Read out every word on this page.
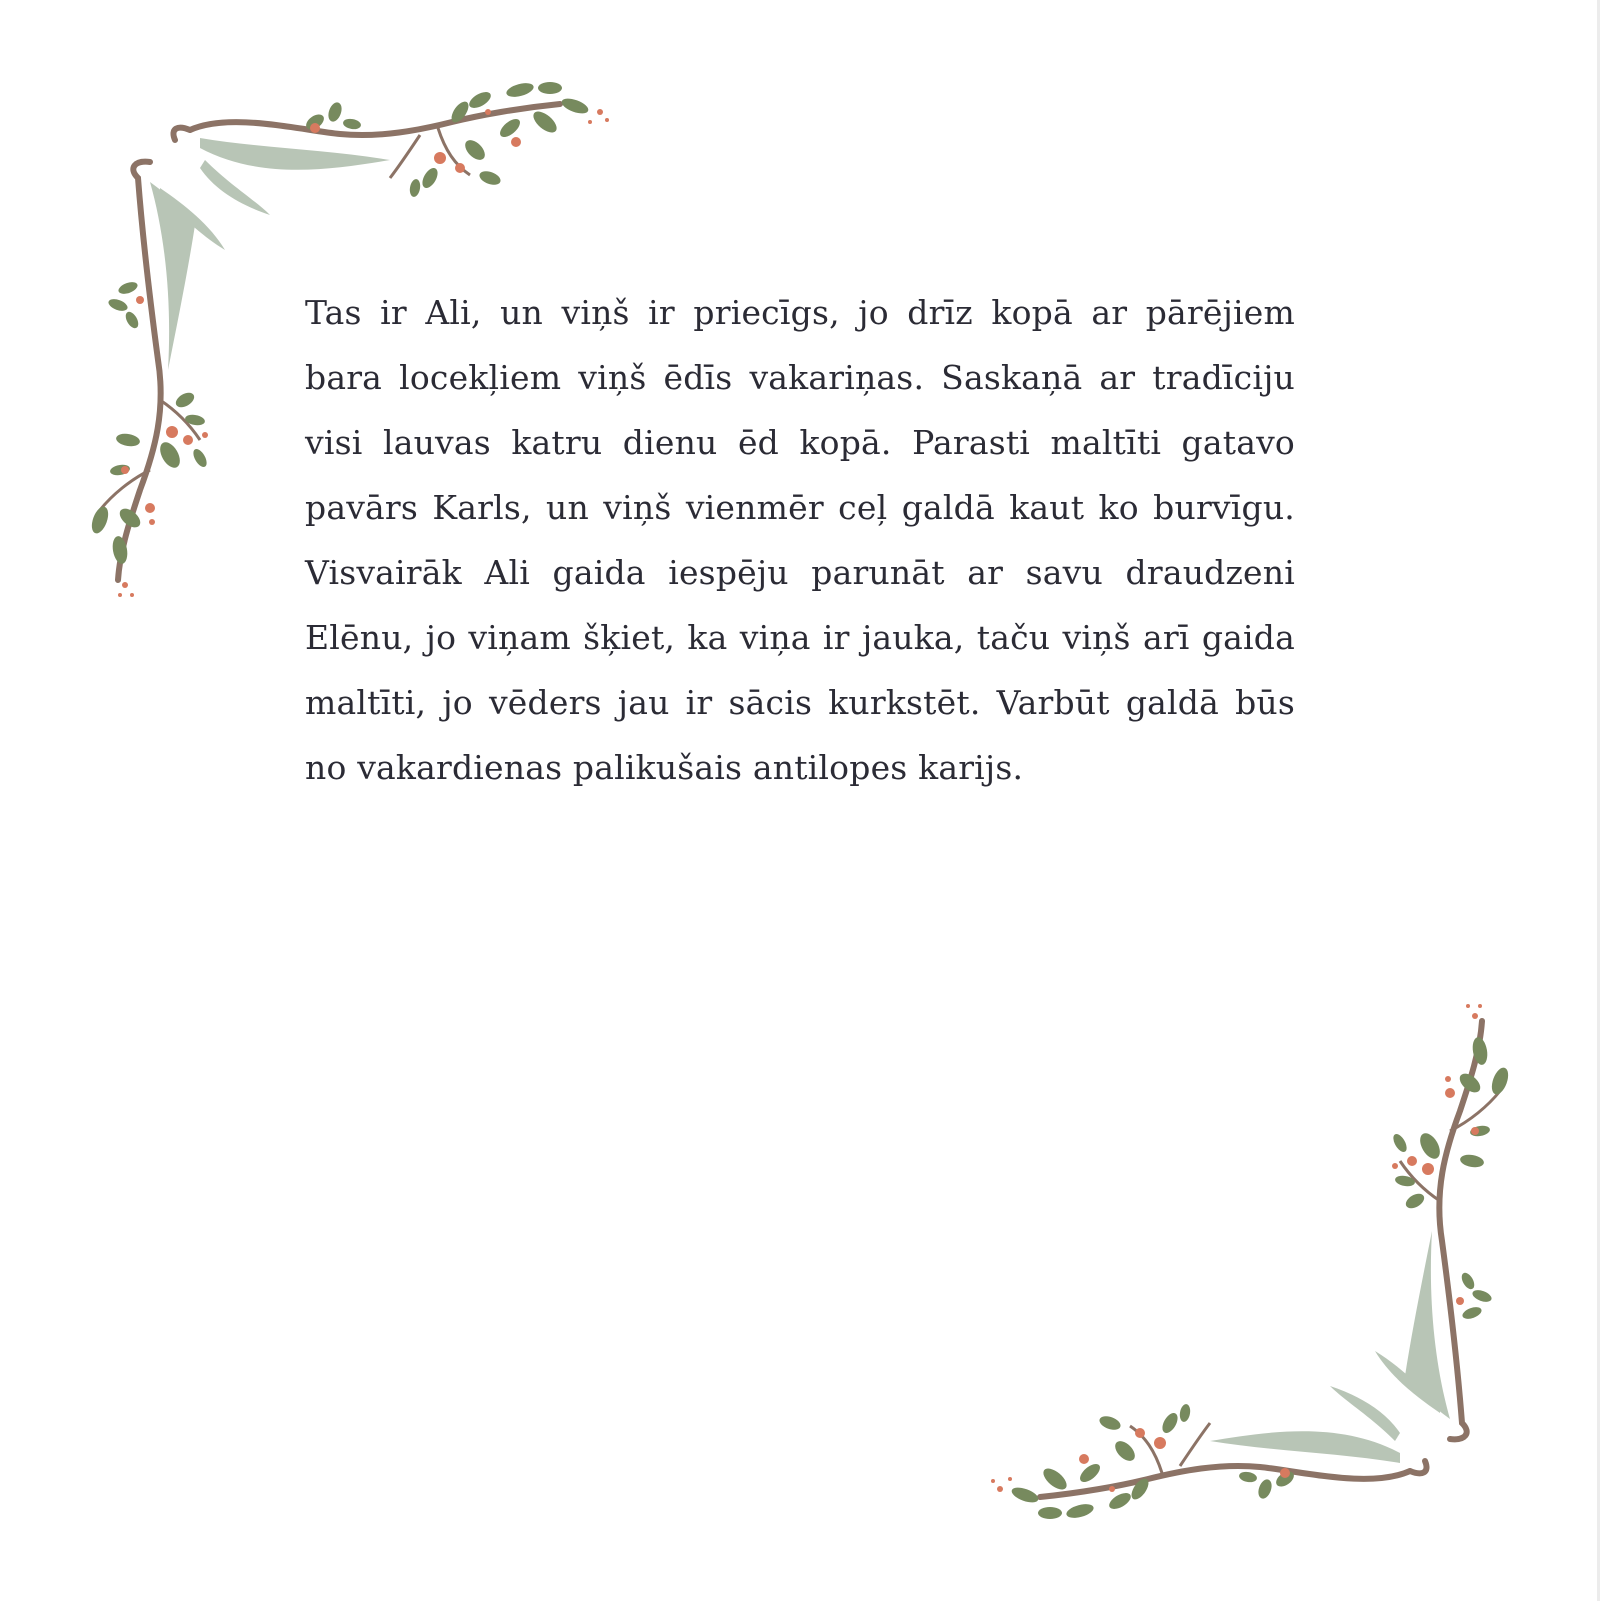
Tas ir Ali, un viņš ir priecīgs, jo drīz kopā ar pārējiem bara locekļiem viņš ēdīs vakariņas. Saskaņā ar tradīciju visi lauvas katru dienu ēd kopā. Parasti maltīti gatavo pavārs Karls, un viņš vienmēr ceļ galdā kaut ko burvīgu. Visvairāk Ali gaida iespēju parunāt ar savu draudzeni Elēnu, jo viņam šķiet, ka viņa ir jauka, taču viņš arī gaida maltīti, jo vēders jau ir sācis kurkstēt. Varbūt galdā būs no vakardienas palikušais antilopes karijs.
